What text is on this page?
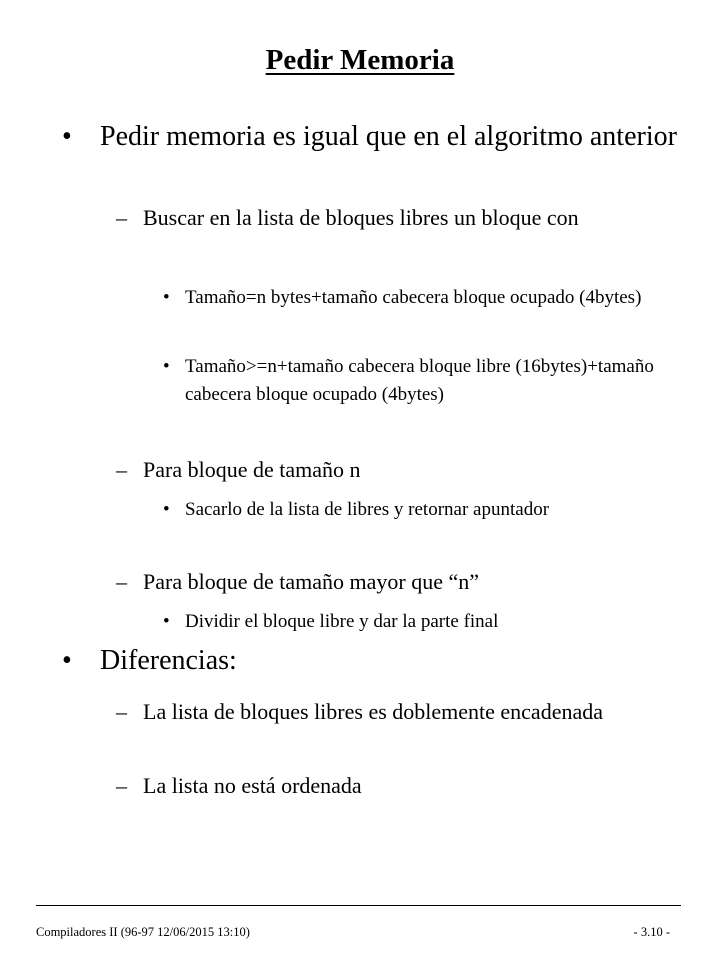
Pedir Memoria
• Pedir memoria es igual que en el algoritmo anterior
– Buscar en la lista de bloques libres un bloque con
• Tamaño=n bytes+tamaño cabecera bloque ocupado (4bytes)
• Tamaño>=n+tamaño cabecera bloque libre (16bytes)+tamaño cabecera bloque ocupado (4bytes)
– Para bloque de tamaño n
• Sacarlo de la lista de libres y retornar apuntador
– Para bloque de tamaño mayor que “n”
• Dividir el bloque libre y dar la parte final
• Diferencias:
– La lista de bloques libres es doblemente encadenada
– La lista no está ordenada
Compiladores II (96-97 12/06/2015 13:10)	- 3.10 -
